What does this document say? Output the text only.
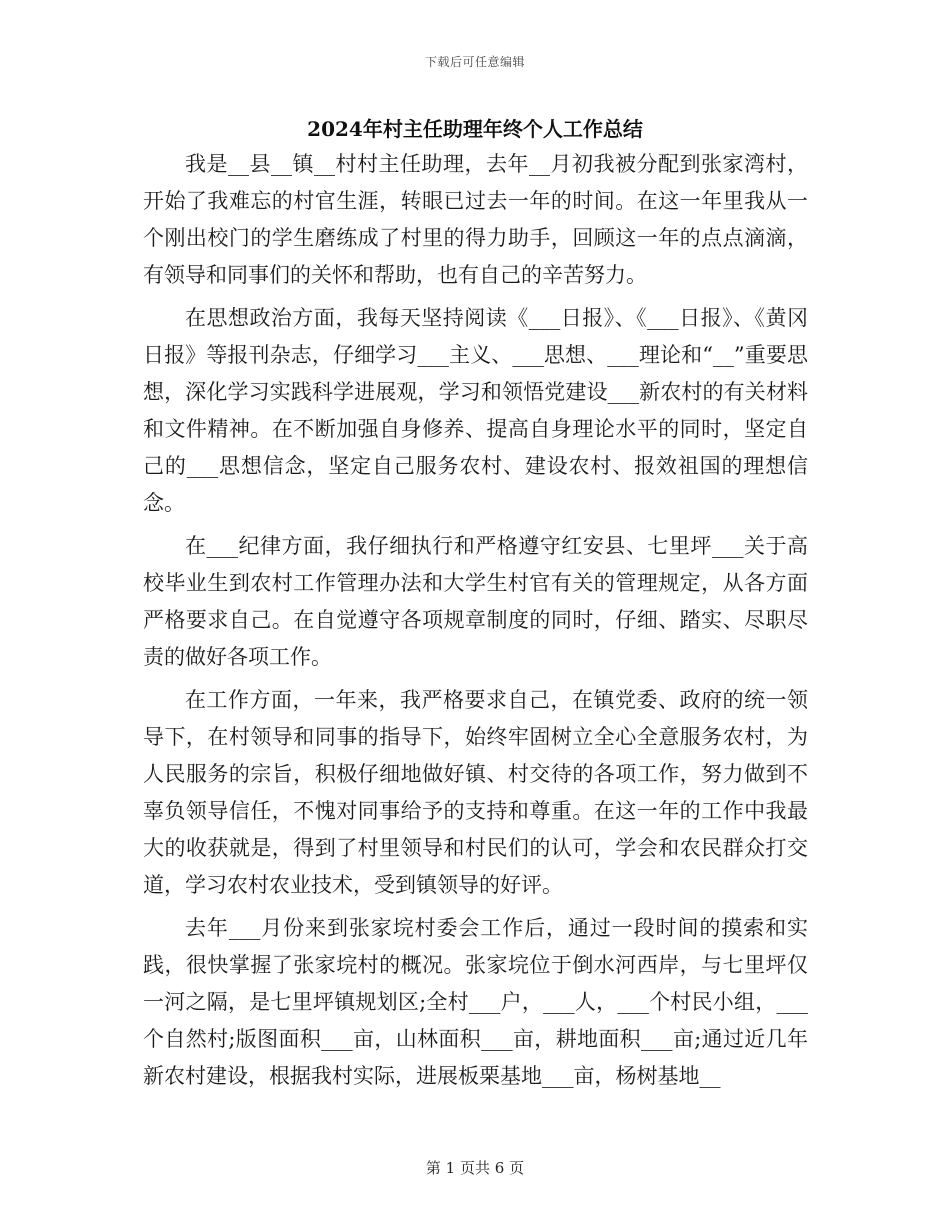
下载后可任意编辑
2024年村主任助理年终个人工作总结

我是__县__镇__村村主任助理，去年__月初我被分配到张家湾村，开始了我难忘的村官生涯，转眼已过去一年的时间。在这一年里我从一个刚出校门的学生磨练成了村里的得力助手，回顾这一年的点点滴滴，有领导和同事们的关怀和帮助，也有自己的辛苦努力。

在思想政治方面，我每天坚持阅读《___日报》、《___日报》、《黄冈日报》等报刊杂志，仔细学习___主义、___思想、___理论和“__”重要思想，深化学习实践科学进展观，学习和领悟党建设___新农村的有关材料和文件精神。在不断加强自身修养、提高自身理论水平的同时，坚定自己的___思想信念，坚定自己服务农村、建设农村、报效祖国的理想信念。

在___纪律方面，我仔细执行和严格遵守红安县、七里坪___关于高校毕业生到农村工作管理办法和大学生村官有关的管理规定，从各方面严格要求自己。在自觉遵守各项规章制度的同时，仔细、踏实、尽职尽责的做好各项工作。

在工作方面，一年来，我严格要求自己，在镇党委、政府的统一领导下，在村领导和同事的指导下，始终牢固树立全心全意服务农村，为人民服务的宗旨，积极仔细地做好镇、村交待的各项工作，努力做到不辜负领导信任，不愧对同事给予的支持和尊重。在这一年的工作中我最大的收获就是，得到了村里领导和村民们的认可，学会和农民群众打交道，学习农村农业技术，受到镇领导的好评。

去年___月份来到张家垸村委会工作后，通过一段时间的摸索和实践，很快掌握了张家垸村的概况。张家垸位于倒水河西岸，与七里坪仅一河之隔，是七里坪镇规划区;全村___户，___人，___个村民小组，___个自然村;版图面积___亩，山林面积___亩，耕地面积___亩;通过近几年新农村建设，根据我村实际，进展板栗基地___亩，杨树基地__

第 1 页共 6 页
